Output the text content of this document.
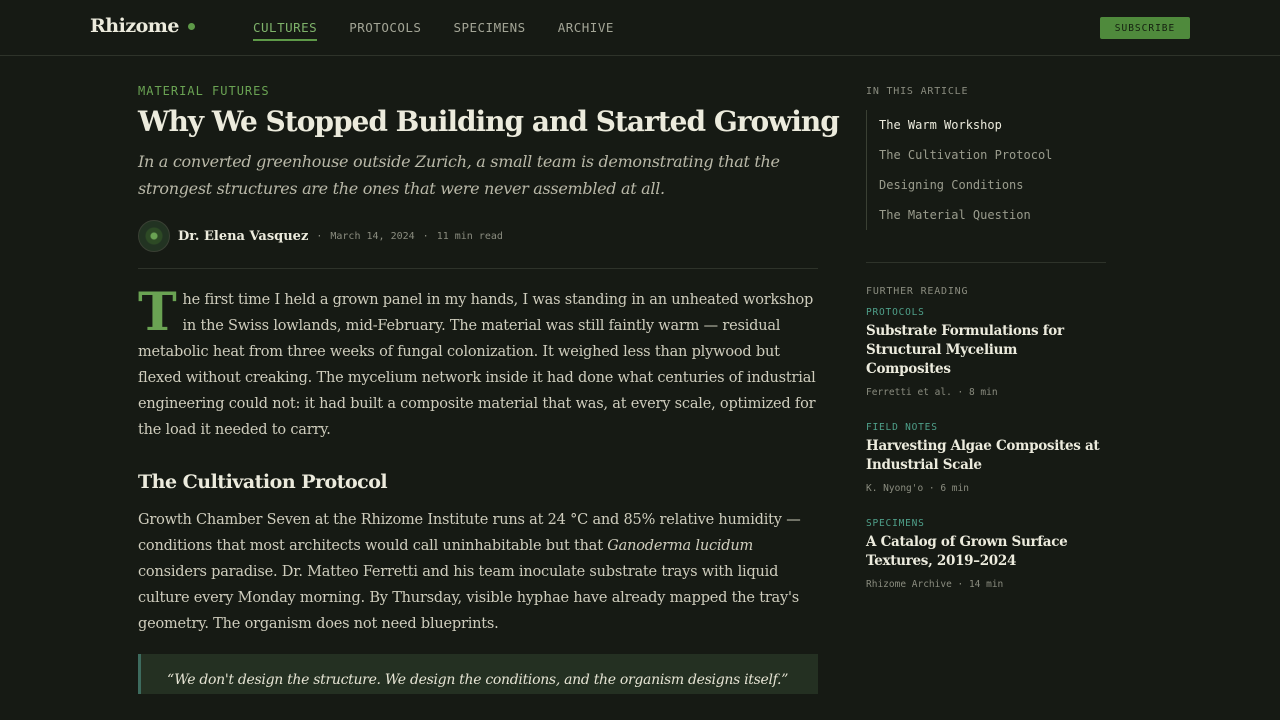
Rhizome	CULTURES	PROTOCOLS	SPECIMENS	ARCHIVE	SUBSCRIBE
MATERIAL FUTURES
Why We Stopped Building and Started Growing

In a converted greenhouse outside Zurich, a small team is demonstrating that the strongest structures are the ones that were never assembled at all.

Dr. Elena Vasquez · March 14, 2024 · 11 min read

The first time I held a grown panel in my hands, I was standing in an unheated workshop in the Swiss lowlands, mid-February. The material was still faintly warm — residual metabolic heat from three weeks of fungal colonization. It weighed less than plywood but flexed without creaking. The mycelium network inside it had done what centuries of industrial engineering could not: it had built a composite material that was, at every scale, optimized for the load it needed to carry.

The Cultivation Protocol

Growth Chamber Seven at the Rhizome Institute runs at 24 °C and 85% relative humidity — conditions that most architects would call uninhabitable but that Ganoderma lucidum considers paradise. Dr. Matteo Ferretti and his team inoculate substrate trays with liquid culture every Monday morning. By Thursday, visible hyphae have already mapped the tray's geometry. The organism does not need blueprints.

“We don't design the structure. We design the conditions, and the organism designs itself.”
IN THIS ARTICLE
The Warm Workshop
The Cultivation Protocol
Designing Conditions
The Material Question
FURTHER READING
PROTOCOLS
Substrate Formulations for Structural Mycelium Composites
Ferretti et al. · 8 min
FIELD NOTES
Harvesting Algae Composites at Industrial Scale
K. Nyong'o · 6 min
SPECIMENS
A Catalog of Grown Surface Textures, 2019–2024
Rhizome Archive · 14 min
